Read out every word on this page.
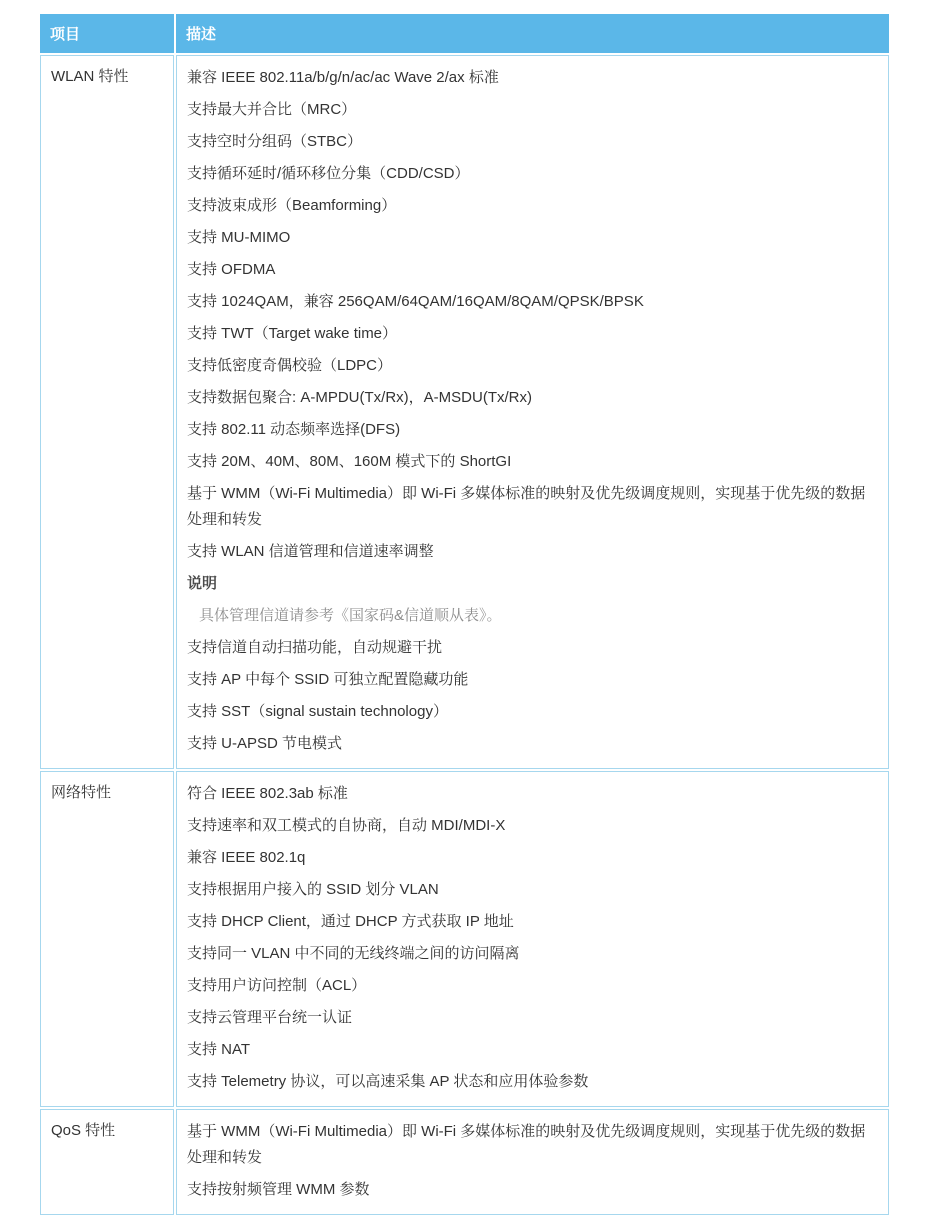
项目	描述
WLAN 特性	兼容 IEEE 802.11a/b/g/n/ac/ac Wave 2/ax 标准

支持最大并合比（MRC）

支持空时分组码（STBC）

支持循环延时/循环移位分集（CDD/CSD）

支持波束成形（Beamforming）

支持 MU-MIMO

支持 OFDMA

支持 1024QAM，兼容 256QAM/64QAM/16QAM/8QAM/QPSK/BPSK

支持 TWT（Target wake time）

支持低密度奇偶校验（LDPC）

支持数据包聚合: A-MPDU(Tx/Rx)，A-MSDU(Tx/Rx)

支持 802.11 动态频率选择(DFS)

支持 20M、40M、80M、160M 模式下的 ShortGI

基于 WMM（Wi-Fi Multimedia）即 Wi-Fi 多媒体标准的映射及优先级调度规则，实现基于优先级的数据处理和转发

支持 WLAN 信道管理和信道速率调整

说明

具体管理信道请参考《国家码&信道顺从表》。

支持信道自动扫描功能，自动规避干扰

支持 AP 中每个 SSID 可独立配置隐藏功能

支持 SST（signal sustain technology）

支持 U-APSD 节电模式

网络特性	符合 IEEE 802.3ab 标准

支持速率和双工模式的自协商，自动 MDI/MDI-X

兼容 IEEE 802.1q

支持根据用户接入的 SSID 划分 VLAN

支持 DHCP Client，通过 DHCP 方式获取 IP 地址

支持同一 VLAN 中不同的无线终端之间的访问隔离

支持用户访问控制（ACL）

支持云管理平台统一认证

支持 NAT

支持 Telemetry 协议，可以高速采集 AP 状态和应用体验参数

QoS 特性	基于 WMM（Wi-Fi Multimedia）即 Wi-Fi 多媒体标准的映射及优先级调度规则，实现基于优先级的数据处理和转发

支持按射频管理 WMM 参数
